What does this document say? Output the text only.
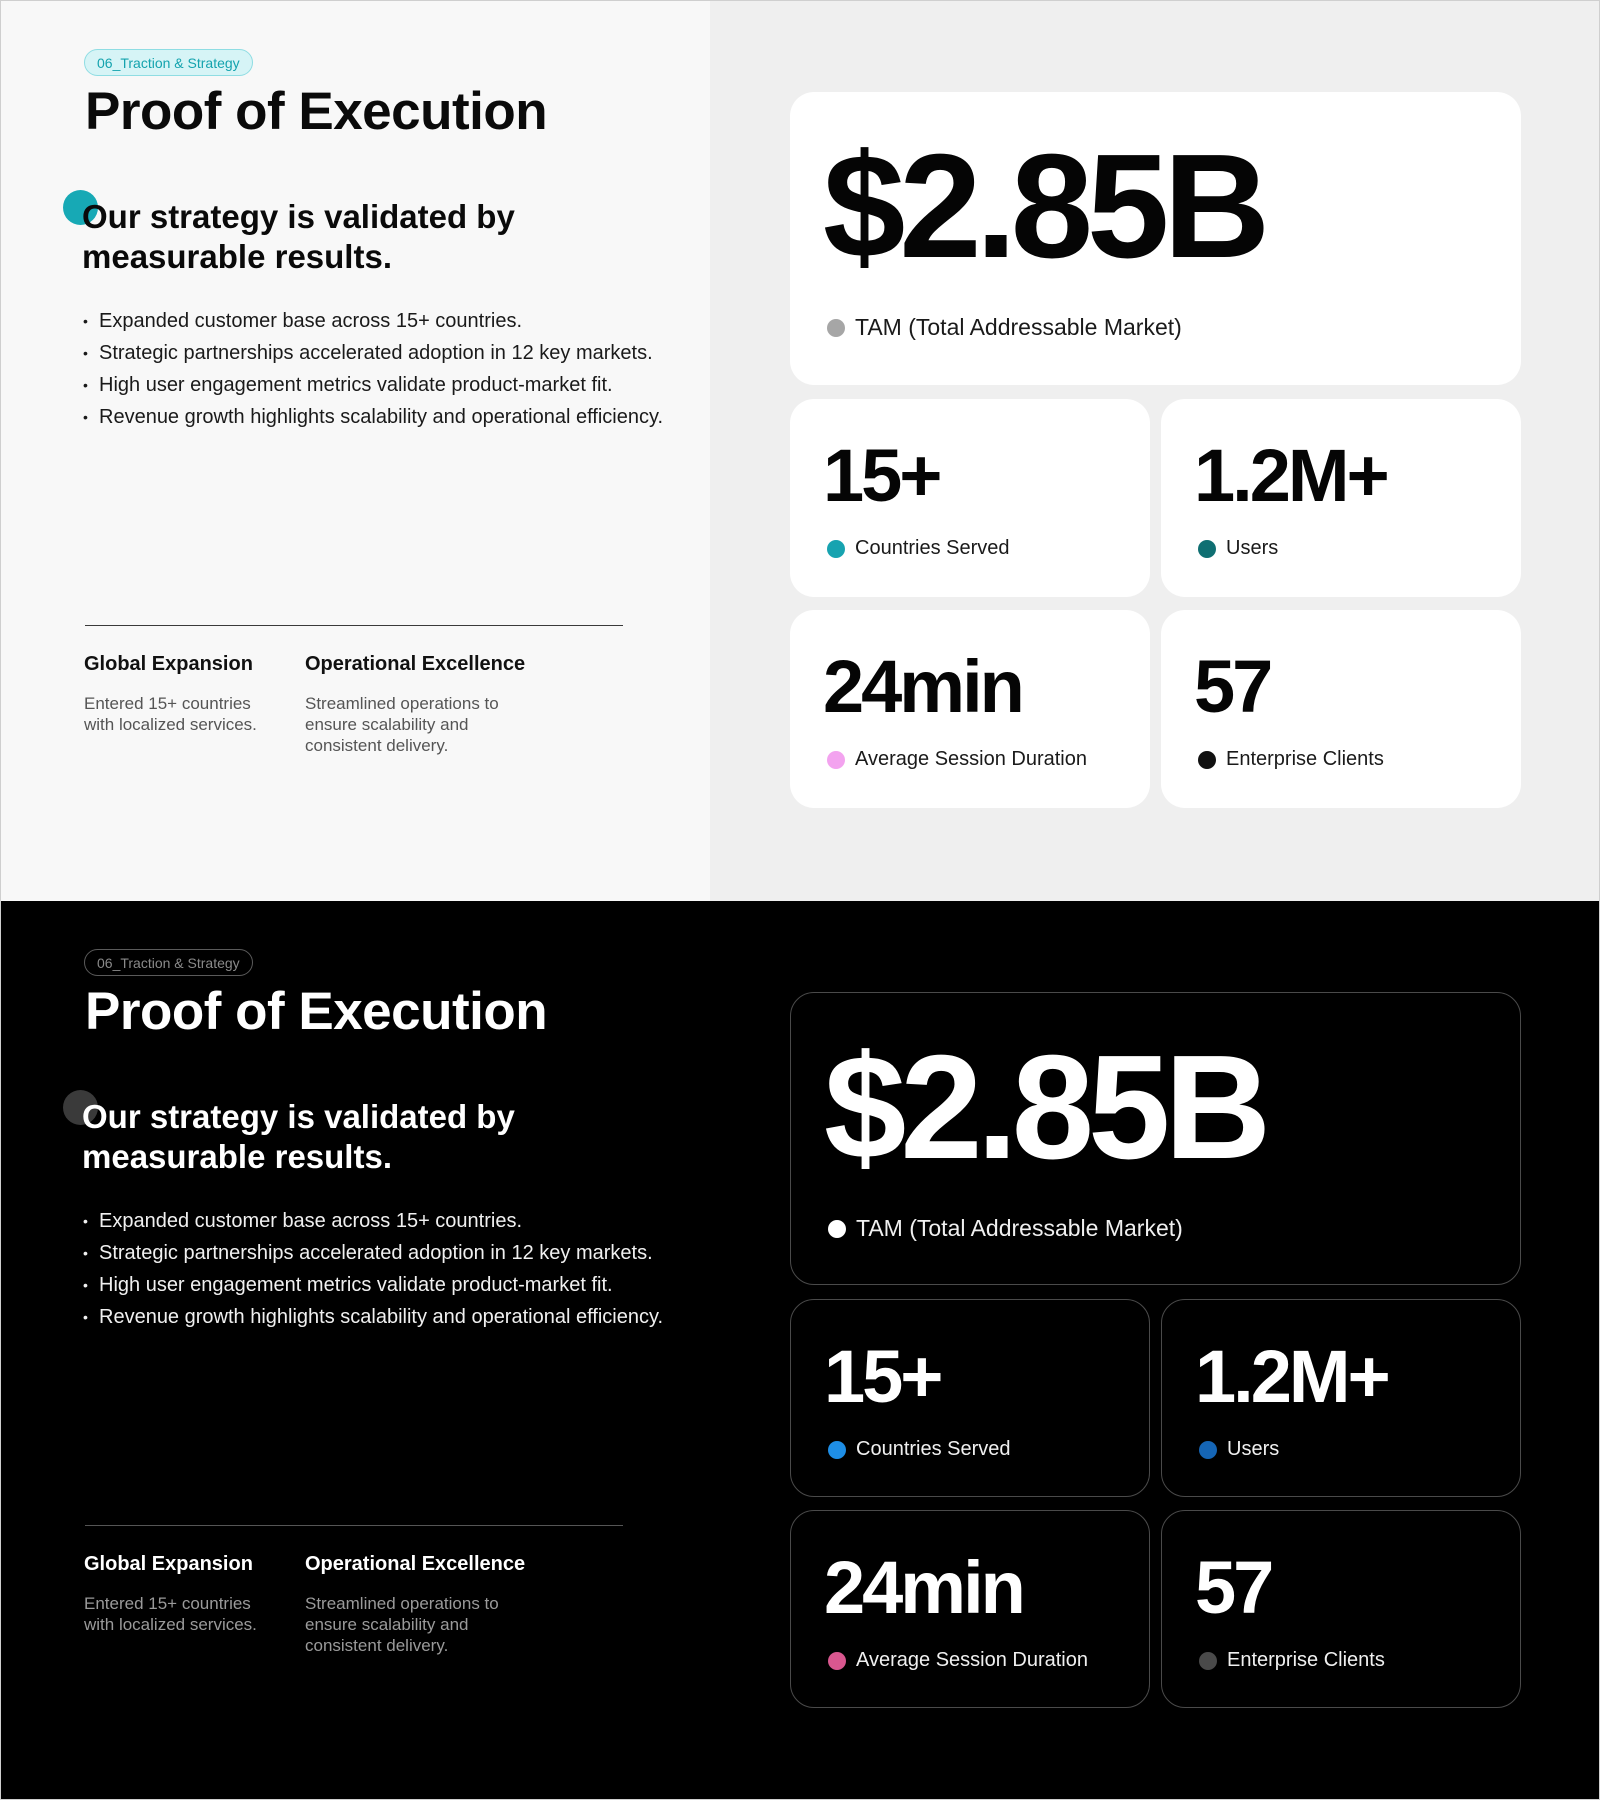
06_Traction & Strategy
Proof of Execution
Our strategy is validated by measurable results.
• Expanded customer base across 15+ countries.
• Strategic partnerships accelerated adoption in 12 key markets.
• High user engagement metrics validate product-market fit.
• Revenue growth highlights scalability and operational efficiency.
Global Expansion

Entered 15+ countries with localized services.

Operational Excellence

Streamlined operations to ensure scalability and consistent delivery.

$2.85B
TAM (Total Addressable Market)
15+
Countries Served
1.2M+
Users
24min
Average Session Duration
57
Enterprise Clients
06_Traction & Strategy
Proof of Execution
Our strategy is validated by measurable results.
• Expanded customer base across 15+ countries.
• Strategic partnerships accelerated adoption in 12 key markets.
• High user engagement metrics validate product-market fit.
• Revenue growth highlights scalability and operational efficiency.
Global Expansion

Entered 15+ countries with localized services.

Operational Excellence

Streamlined operations to ensure scalability and consistent delivery.

$2.85B
TAM (Total Addressable Market)
15+
Countries Served
1.2M+
Users
24min
Average Session Duration
57
Enterprise Clients
